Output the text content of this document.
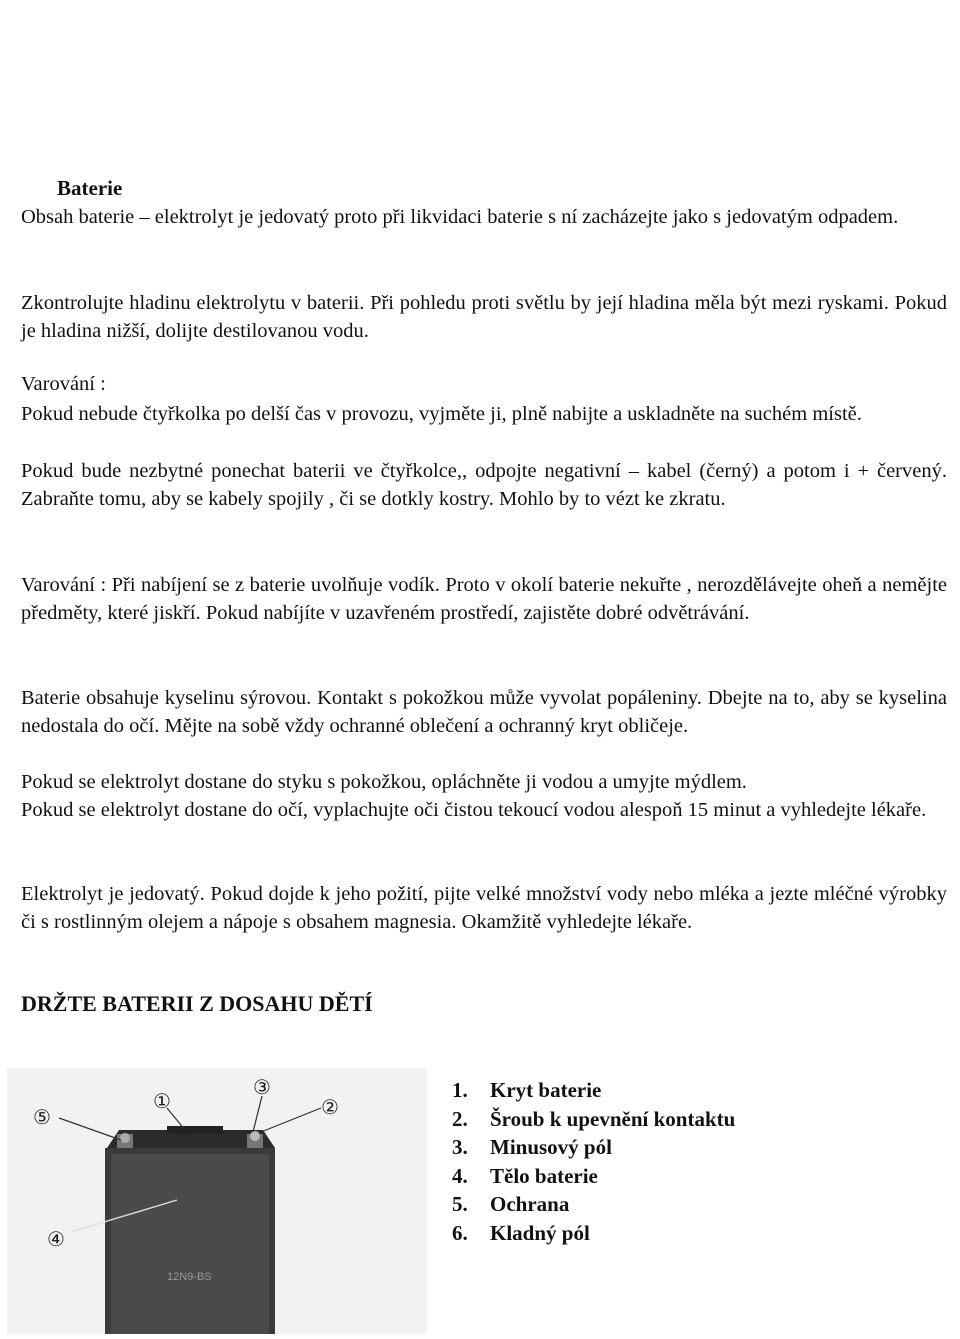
Baterie

Obsah baterie – elektrolyt je jedovatý proto při likvidaci baterie s ní zacházejte jako s jedovatým odpadem.

Zkontrolujte hladinu elektrolytu v baterii. Při pohledu proti světlu by její hladina měla být mezi ryskami. Pokud je hladina nižší, dolijte destilovanou vodu.

Varování :

Pokud nebude čtyřkolka po delší čas v provozu, vyjměte ji, plně nabijte a uskladněte na suchém místě.

Pokud bude nezbytné ponechat baterii ve čtyřkolce,, odpojte negativní – kabel (černý) a potom i + červený. Zabraňte tomu, aby se kabely spojily , či se dotkly kostry. Mohlo by to vézt ke zkratu.

Varování : Při nabíjení se z baterie uvolňuje vodík. Proto v okolí baterie nekuřte , nerozdělávejte oheň a nemějte předměty, které jiskří. Pokud nabíjíte v uzavřeném prostředí, zajistěte dobré odvětrávání.

Baterie obsahuje kyselinu sýrovou. Kontakt s pokožkou může vyvolat popáleniny. Dbejte na to, aby se kyselina nedostala do očí. Mějte na sobě vždy ochranné oblečení a ochranný kryt obličeje.

Pokud se elektrolyt dostane do styku s pokožkou, opláchněte ji vodou a umyjte mýdlem.

Pokud se elektrolyt dostane do očí, vyplachujte oči čistou tekoucí vodou alespoň 15 minut a vyhledejte lékaře.

Elektrolyt je jedovatý. Pokud dojde k jeho požití, pijte velké množství vody nebo mléka a jezte mléčné výrobky či s rostlinným olejem a nápoje s obsahem magnesia. Okamžitě vyhledejte lékaře.

DRŽTE BATERII Z DOSAHU DĚTÍ

12N9-BS
①	②
③
④
⑤
1. Kryt baterie
2. Šroub k upevnění kontaktu
3. Minusový pól
4. Tělo baterie
5. Ochrana
6. Kladný pól
